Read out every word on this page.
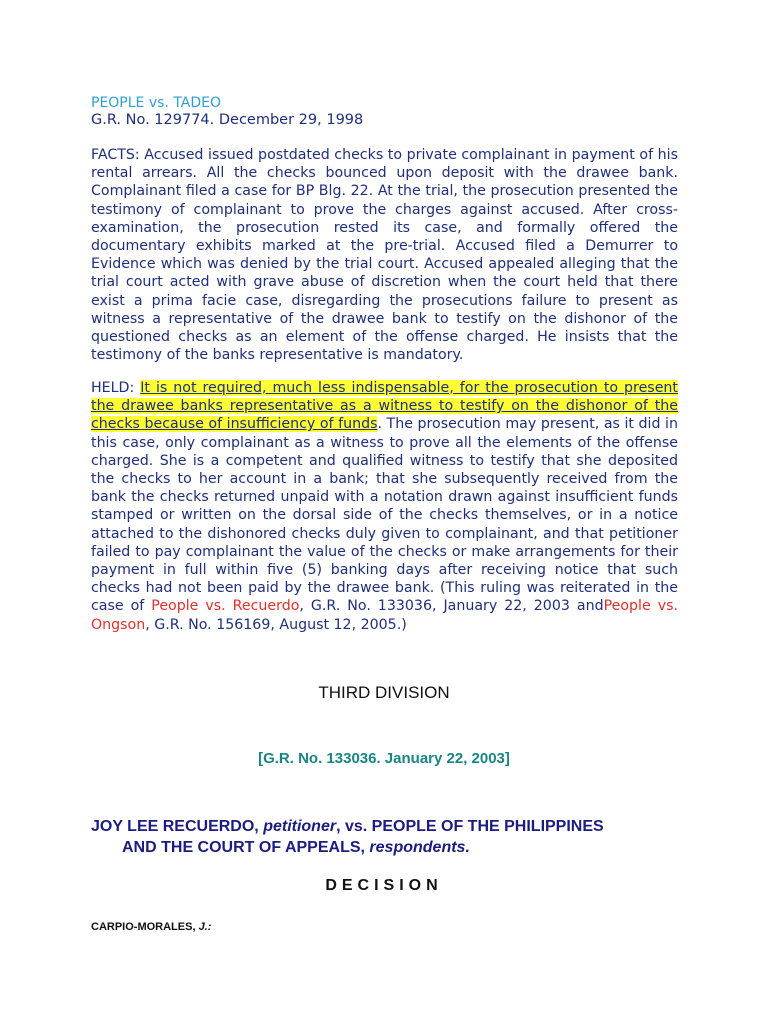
PEOPLE vs. TADEO

G.R. No. 129774. December 29, 1998

FACTS: Accused issued postdated checks to private complainant in payment of his rental arrears. All the checks bounced upon deposit with the drawee bank. Complainant filed a case for BP Blg. 22. At the trial, the prosecution presented the testimony of complainant to prove the charges against accused. After cross-examination, the prosecution rested its case, and formally offered the documentary exhibits marked at the pre-trial. Accused filed a Demurrer to Evidence which was denied by the trial court. Accused appealed alleging that the trial court acted with grave abuse of discretion when the court held that there exist a prima facie case, disregarding the prosecutions failure to present as witness a representative of the drawee bank to testify on the dishonor of the questioned checks as an element of the offense charged. He insists that the testimony of the banks representative is mandatory.

HELD: It is not required, much less indispensable, for the prosecution to present the drawee banks representative as a witness to testify on the dishonor of the checks because of insufficiency of funds. The prosecution may present, as it did in this case, only complainant as a witness to prove all the elements of the offense charged. She is a competent and qualified witness to testify that she deposited the checks to her account in a bank; that she subsequently received from the bank the checks returned unpaid with a notation drawn against insufficient funds stamped or written on the dorsal side of the checks themselves, or in a notice attached to the dishonored checks duly given to complainant, and that petitioner failed to pay complainant the value of the checks or make arrangements for their payment in full within five (5) banking days after receiving notice that such checks had not been paid by the drawee bank. (This ruling was reiterated in the case of People vs. Recuerdo, G.R. No. 133036, January 22, 2003 andPeople vs. Ongson, G.R. No. 156169, August 12, 2005.)

THIRD DIVISION

[G.R. No. 133036. January 22, 2003]

JOY LEE RECUERDO, petitioner, vs. PEOPLE OF THE PHILIPPINES
AND THE COURT OF APPEALS, respondents.

DECISION

CARPIO-MORALES, J.:
